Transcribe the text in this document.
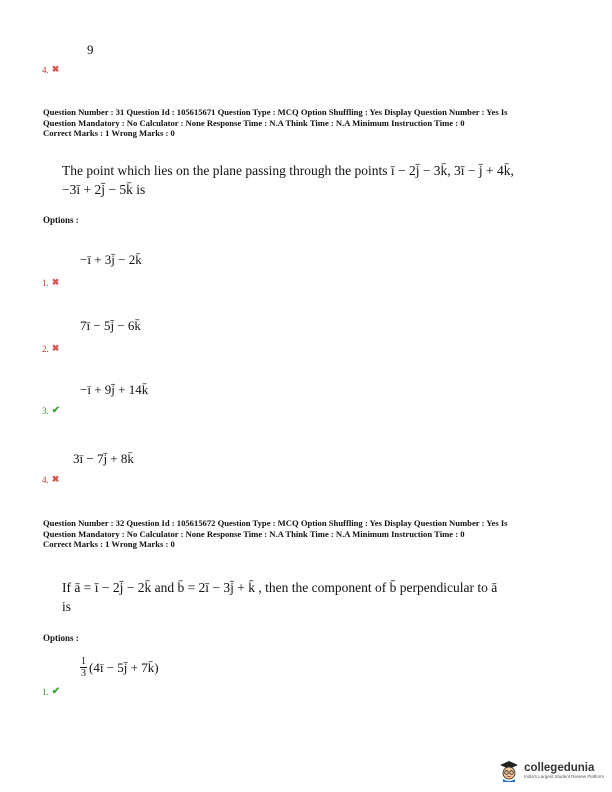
9
4. ✖
Question Number : 31 Question Id : 105615671 Question Type : MCQ Option Shuffling : Yes Display Question Number : Yes Is
Question Mandatory : No Calculator : None Response Time : N.A Think Time : N.A Minimum Instruction Time : 0
Correct Marks : 1 Wrong Marks : 0
The point which lies on the plane passing through the points ī − 2j̄ − 3k̄, 3ī − j̄ + 4k̄,
−3ī + 2j̄ − 5k̄ is
Options :
−ī + 3j̄ − 2k̄
1. ✖
7ī − 5j̄ − 6k̄
2. ✖
−ī + 9j̄ + 14k̄
3. ✔
3ī − 7j̄ + 8k̄
4. ✖
Question Number : 32 Question Id : 105615672 Question Type : MCQ Option Shuffling : Yes Display Question Number : Yes Is
Question Mandatory : No Calculator : None Response Time : N.A Think Time : N.A Minimum Instruction Time : 0
Correct Marks : 1 Wrong Marks : 0
If ā = ī − 2j̄ − 2k̄ and b̄ = 2ī − 3j̄ + k̄ , then the component of b̄ perpendicular to ā
is
Options :
$\frac{1}{3}$ (4ī − 5j̄ + 7k̄)
1. ✔
collegedunia
India's Largest Student Review Platform
